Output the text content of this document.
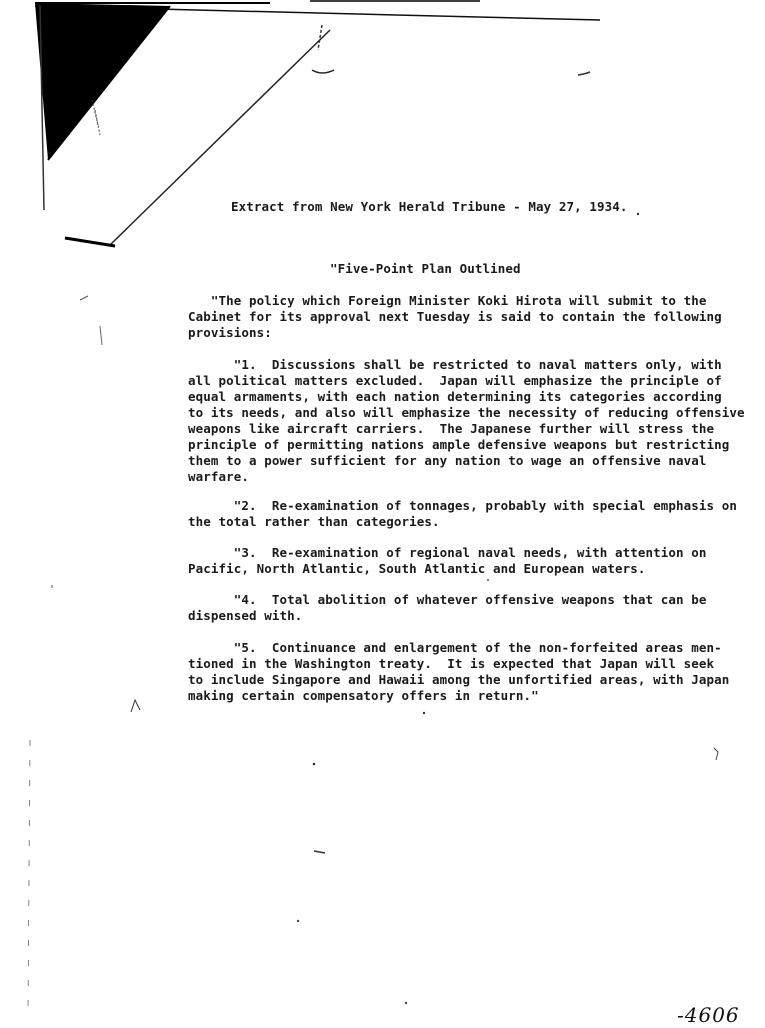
Extract from New York Herald Tribune - May 27, 1934.
"Five-Point Plan Outlined
"The policy which Foreign Minister Koki Hirota will submit to the
Cabinet for its approval next Tuesday is said to contain the following
provisions:
"1.  Discussions shall be restricted to naval matters only, with
all political matters excluded.  Japan will emphasize the principle of
equal armaments, with each nation determining its categories according
to its needs, and also will emphasize the necessity of reducing offensive
weapons like aircraft carriers.  The Japanese further will stress the
principle of permitting nations ample defensive weapons but restricting
them to a power sufficient for any nation to wage an offensive naval
warfare.
"2.  Re-examination of tonnages, probably with special emphasis on
the total rather than categories.
"3.  Re-examination of regional naval needs, with attention on
Pacific, North Atlantic, South Atlantic and European waters.
"4.  Total abolition of whatever offensive weapons that can be
dispensed with.
"5.  Continuance and enlargement of the non-forfeited areas men-
tioned in the Washington treaty.  It is expected that Japan will seek
to include Singapore and Hawaii among the unfortified areas, with Japan
making certain compensatory offers in return."
-4606
